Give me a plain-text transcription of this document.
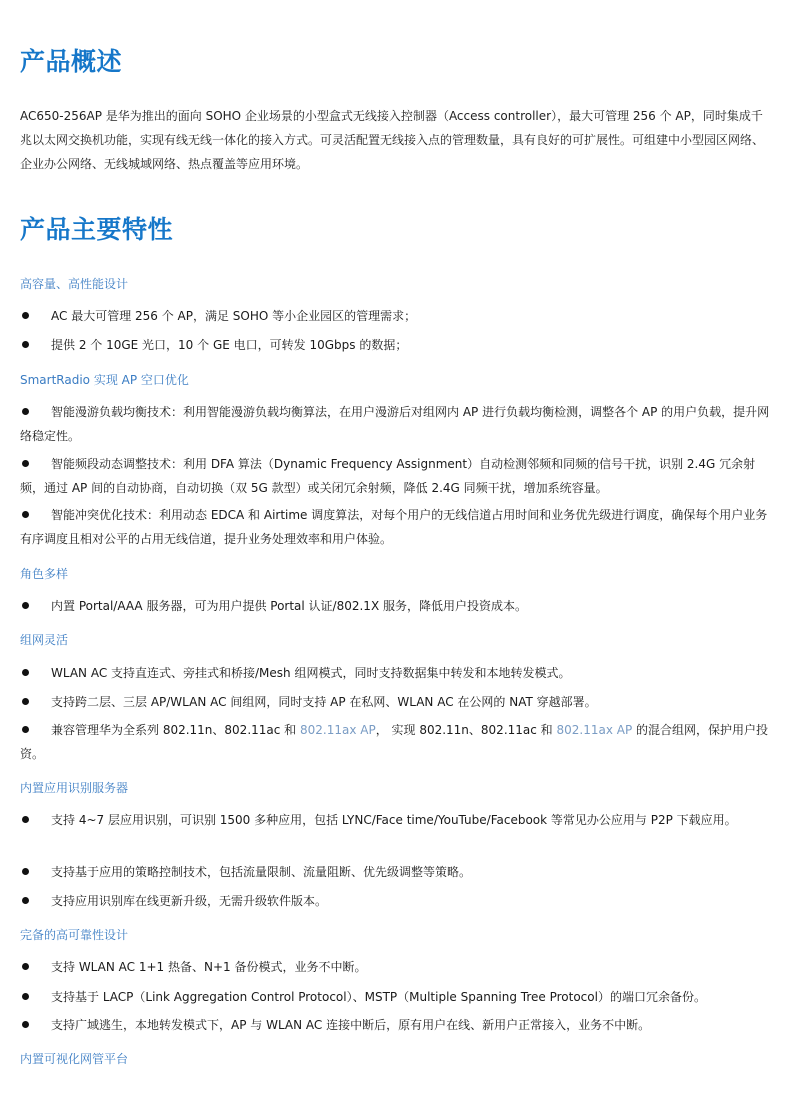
产品概述

AC650-256AP 是华为推出的面向 SOHO 企业场景的小型盒式无线接入控制器（Access controller），最大可管理 256 个 AP，同时集成千兆以太网交换机功能，实现有线无线一体化的接入方式。可灵活配置无线接入点的管理数量，具有良好的可扩展性。可组建中小型园区网络、企业办公网络、无线城域网络、热点覆盖等应用环境。

产品主要特性

高容量、高性能设计

AC 最大可管理 256 个 AP，满足 SOHO 等小企业园区的管理需求；

提供 2 个 10GE 光口，10 个 GE 电口，可转发 10Gbps 的数据；

SmartRadio 实现 AP 空口优化

智能漫游负载均衡技术：利用智能漫游负载均衡算法，在用户漫游后对组网内 AP 进行负载均衡检测，调整各个 AP 的用户负载，提升网络稳定性。

智能频段动态调整技术：利用 DFA 算法（Dynamic Frequency Assignment）自动检测邻频和同频的信号干扰，识别 2.4G 冗余射频，通过 AP 间的自动协商，自动切换（双 5G 款型）或关闭冗余射频，降低 2.4G 同频干扰，增加系统容量。

智能冲突优化技术：利用动态 EDCA 和 Airtime 调度算法，对每个用户的无线信道占用时间和业务优先级进行调度，确保每个用户业务有序调度且相对公平的占用无线信道，提升业务处理效率和用户体验。

角色多样

内置 Portal/AAA 服务器，可为用户提供 Portal 认证/802.1X 服务，降低用户投资成本。

组网灵活

WLAN AC 支持直连式、旁挂式和桥接/Mesh 组网模式，同时支持数据集中转发和本地转发模式。

支持跨二层、三层 AP/WLAN AC 间组网，同时支持 AP 在私网、WLAN AC 在公网的 NAT 穿越部署。

兼容管理华为全系列 802.11n、802.11ac 和 802.11ax AP， 实现 802.11n、802.11ac 和 802.11ax AP 的混合组网，保护用户投资。

内置应用识别服务器

支持 4~7 层应用识别，可识别 1500 多种应用，包括 LYNC/Face time/YouTube/Facebook 等常见办公应用与 P2P 下载应用。

支持基于应用的策略控制技术，包括流量限制、流量阻断、优先级调整等策略。

支持应用识别库在线更新升级，无需升级软件版本。

完备的高可靠性设计

支持 WLAN AC 1+1 热备、N+1 备份模式，业务不中断。

支持基于 LACP（Link Aggregation Control Protocol）、MSTP（Multiple Spanning Tree Protocol）的端口冗余备份。

支持广域逃生，本地转发模式下，AP 与 WLAN AC 连接中断后，原有用户在线、新用户正常接入，业务不中断。

内置可视化网管平台
